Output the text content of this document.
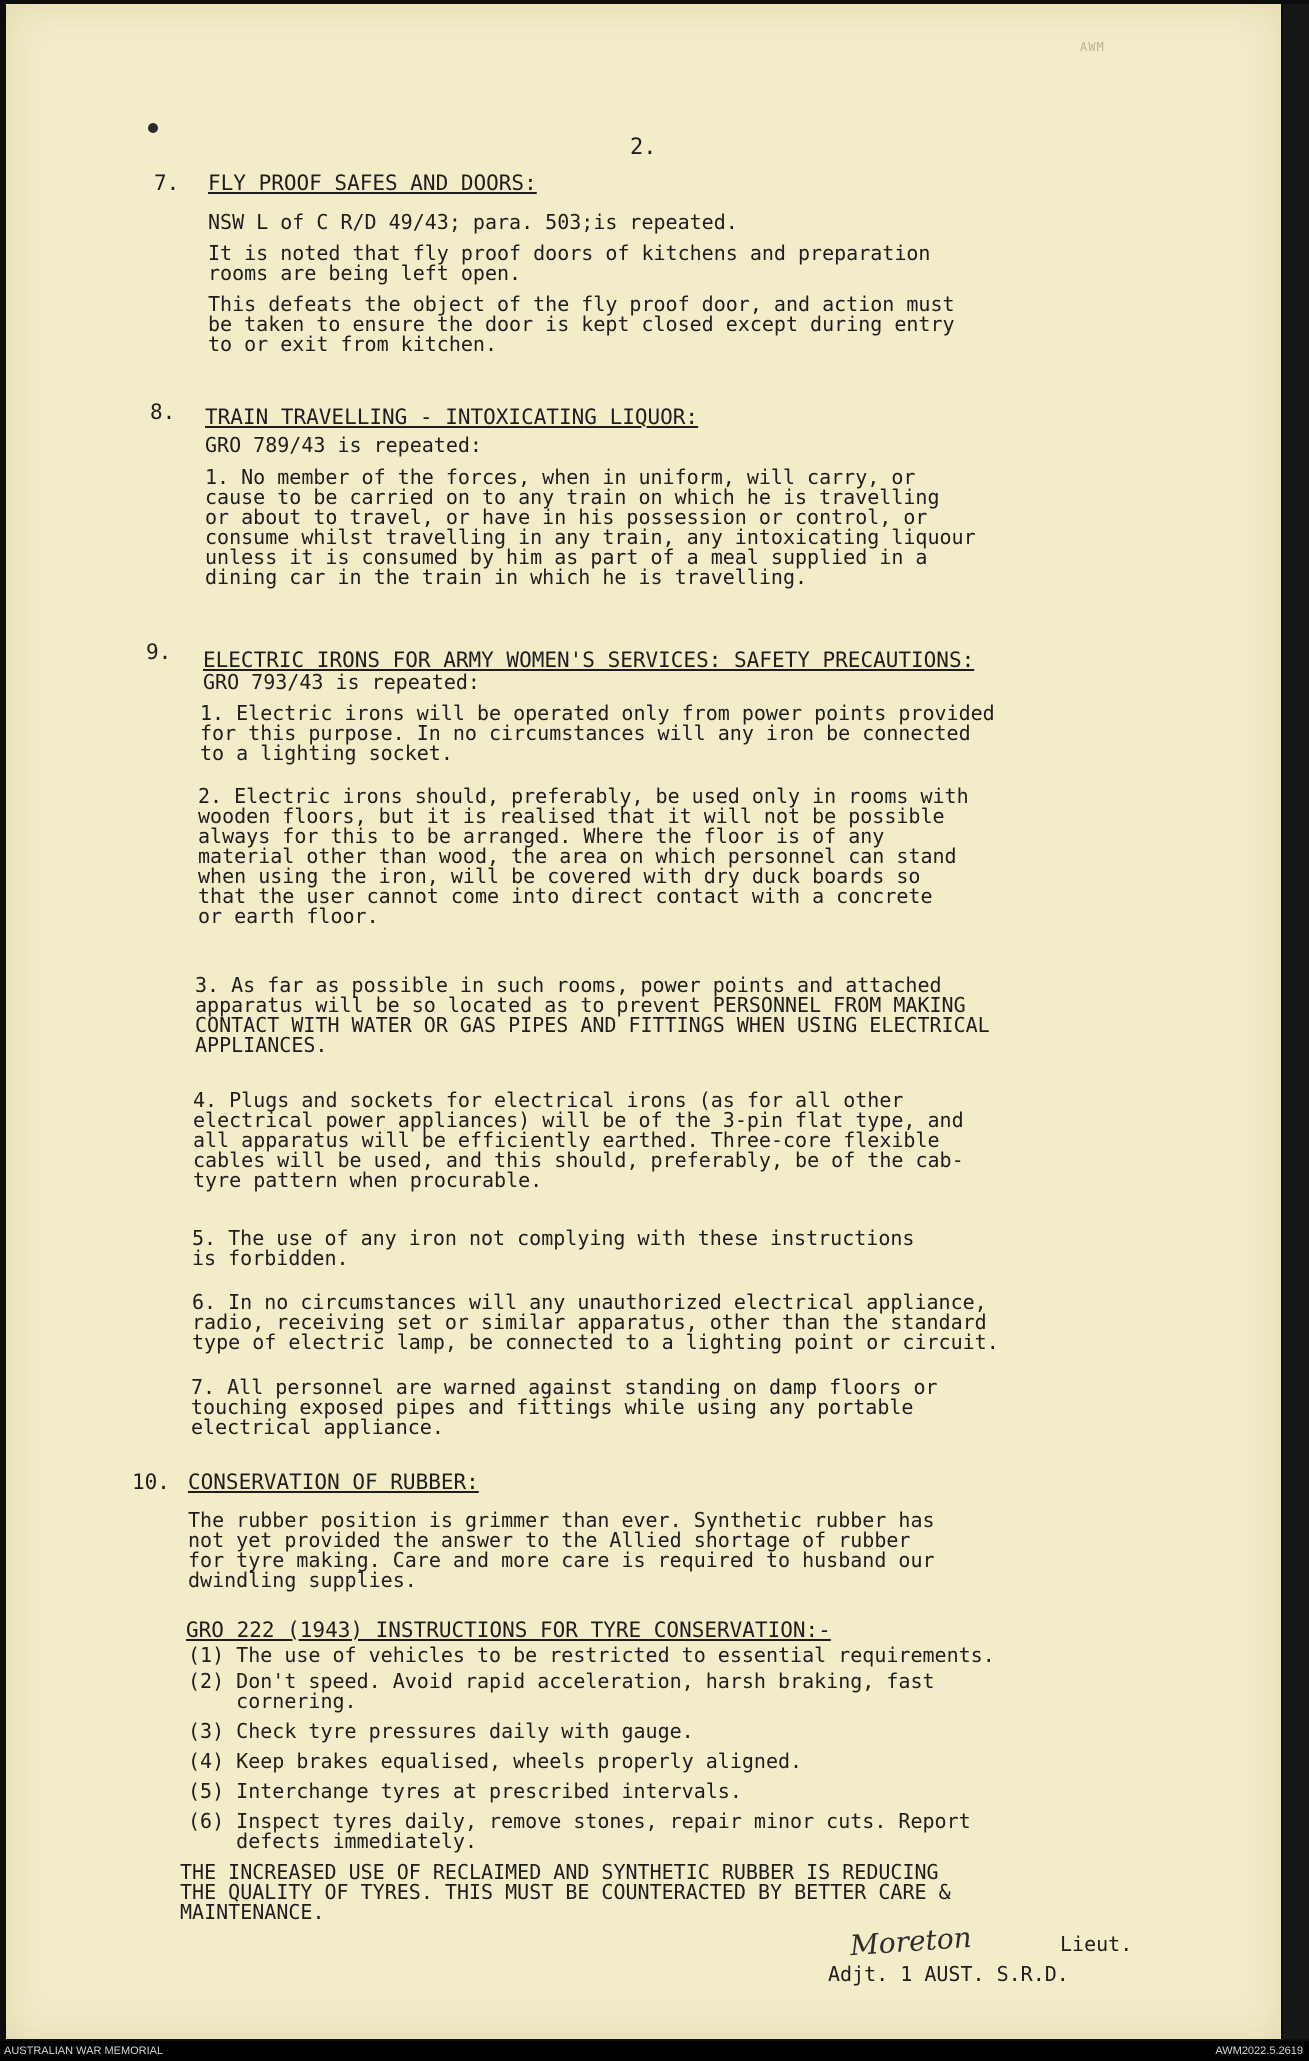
AWM
2.
7. FLY PROOF SAFES AND DOORS:
NSW L of C R/D 49/43; para. 503;is repeated.
It is noted that fly proof doors of kitchens and preparation
rooms are being left open.
This defeats the object of the fly proof door, and action must
be taken to ensure the door is kept closed except during entry
to or exit from kitchen.
8. TRAIN TRAVELLING - INTOXICATING LIQUOR:
GRO 789/43 is repeated:
1. No member of the forces, when in uniform, will carry, or
cause to be carried on to any train on which he is travelling
or about to travel, or have in his possession or control, or
consume whilst travelling in any train, any intoxicating liquour
unless it is consumed by him as part of a meal supplied in a
dining car in the train in which he is travelling.
9. ELECTRIC IRONS FOR ARMY WOMEN'S SERVICES: SAFETY PRECAUTIONS:
GRO 793/43 is repeated:
1. Electric irons will be operated only from power points provided
for this purpose. In no circumstances will any iron be connected
to a lighting socket.
2. Electric irons should, preferably, be used only in rooms with
wooden floors, but it is realised that it will not be possible
always for this to be arranged. Where the floor is of any
material other than wood, the area on which personnel can stand
when using the iron, will be covered with dry duck boards so
that the user cannot come into direct contact with a concrete
or earth floor.
3. As far as possible in such rooms, power points and attached
apparatus will be so located as to prevent PERSONNEL FROM MAKING
CONTACT WITH WATER OR GAS PIPES AND FITTINGS WHEN USING ELECTRICAL
APPLIANCES.
4. Plugs and sockets for electrical irons (as for all other
electrical power appliances) will be of the 3-pin flat type, and
all apparatus will be efficiently earthed. Three-core flexible
cables will be used, and this should, preferably, be of the cab-
tyre pattern when procurable.
5. The use of any iron not complying with these instructions
is forbidden.
6. In no circumstances will any unauthorized electrical appliance,
radio, receiving set or similar apparatus, other than the standard
type of electric lamp, be connected to a lighting point or circuit.
7. All personnel are warned against standing on damp floors or
touching exposed pipes and fittings while using any portable
electrical appliance.
10. CONSERVATION OF RUBBER:
The rubber position is grimmer than ever. Synthetic rubber has
not yet provided the answer to the Allied shortage of rubber
for tyre making. Care and more care is required to husband our
dwindling supplies.
GRO 222 (1943) INSTRUCTIONS FOR TYRE CONSERVATION:-
(1) The use of vehicles to be restricted to essential requirements.
(2) Don't speed. Avoid rapid acceleration, harsh braking, fast
cornering.
(3) Check tyre pressures daily with gauge.
(4) Keep brakes equalised, wheels properly aligned.
(5) Interchange tyres at prescribed intervals.
(6) Inspect tyres daily, remove stones, repair minor cuts. Report
defects immediately.
THE INCREASED USE OF RECLAIMED AND SYNTHETIC RUBBER IS REDUCING
THE QUALITY OF TYRES. THIS MUST BE COUNTERACTED BY BETTER CARE &
MAINTENANCE.
Moreton	Lieut.
Adjt. 1 AUST. S.R.D.
AUSTRALIAN WAR MEMORIAL	AWM2022.5.2619
